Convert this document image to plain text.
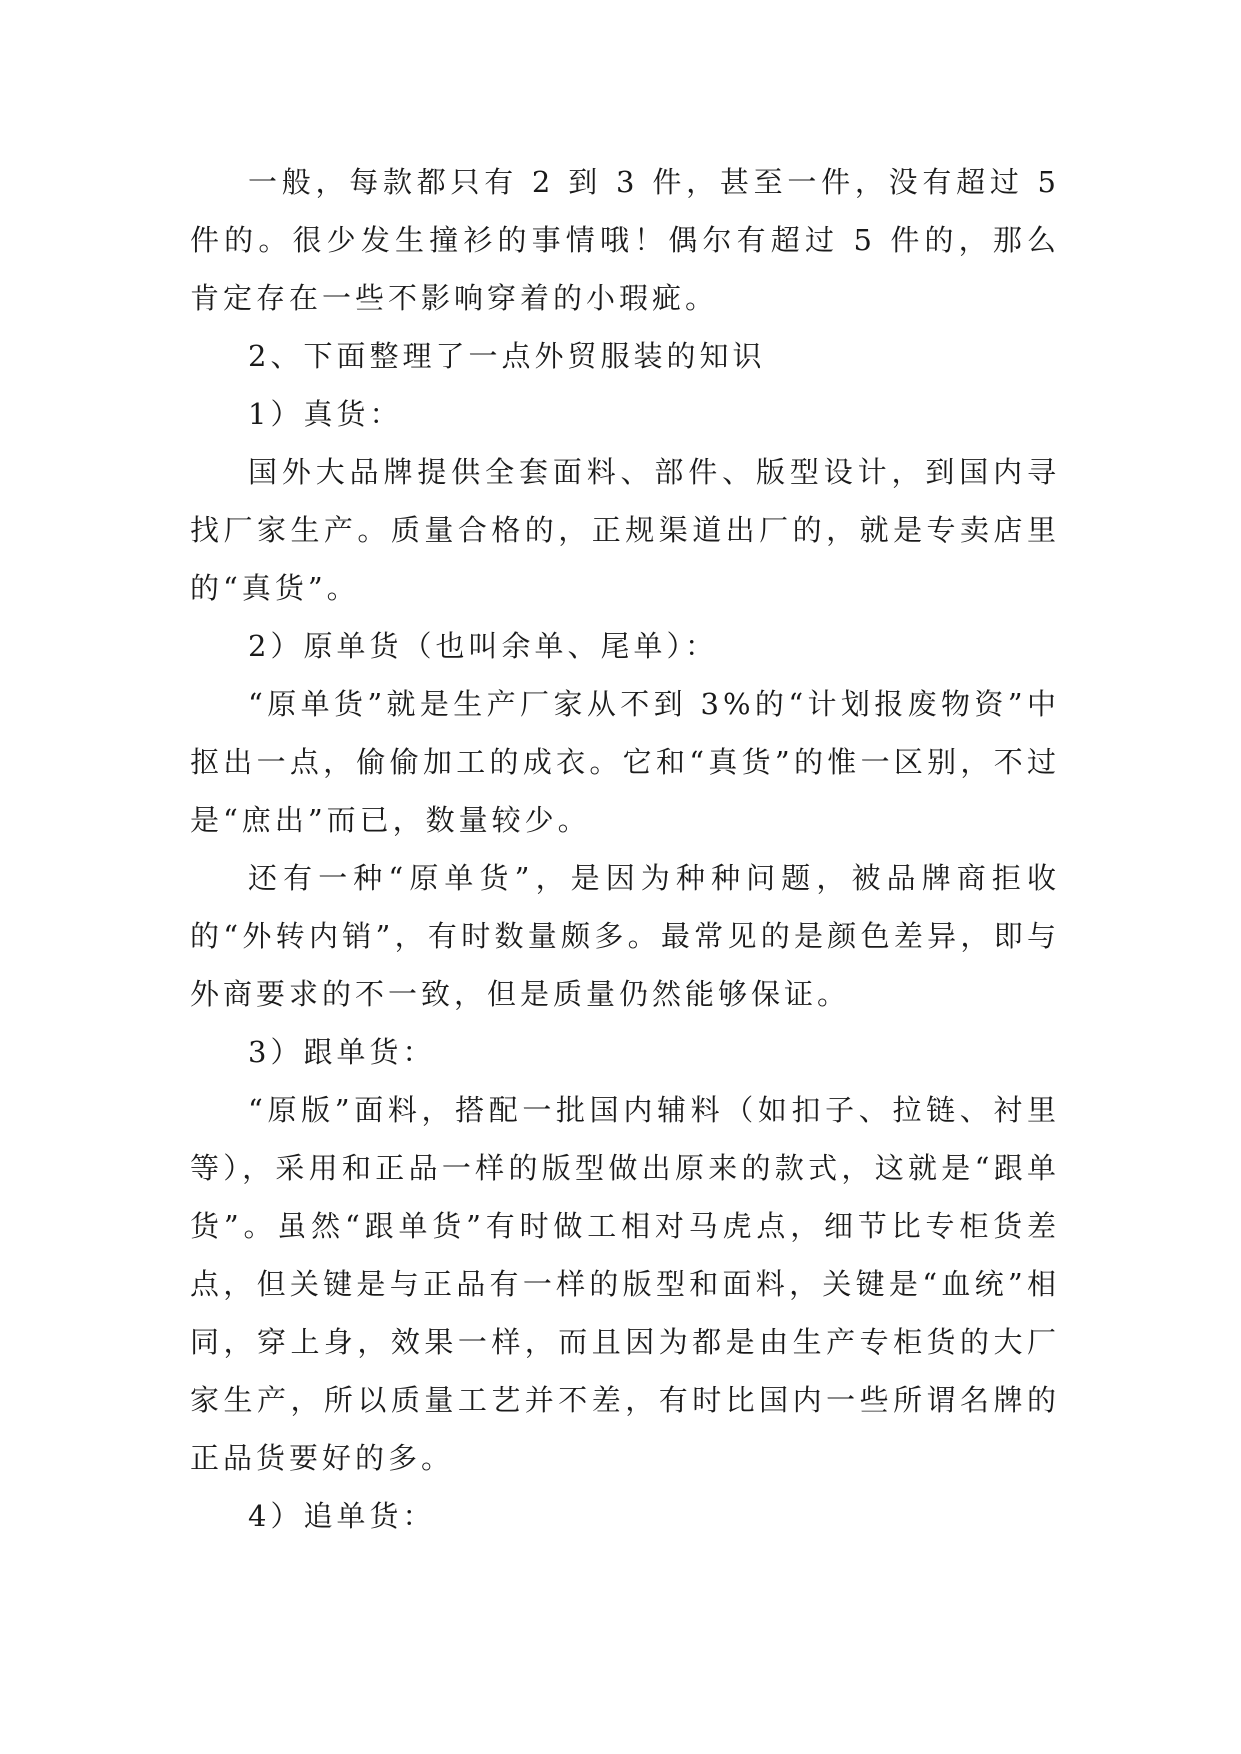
一般，每款都只有 2 到 3 件，甚至一件，没有超过 5 件的。很少发生撞衫的事情哦！偶尔有超过 5 件的，那么肯定存在一些不影响穿着的小瑕疵。

2、下面整理了一点外贸服装的知识

1）真货：

国外大品牌提供全套面料、部件、版型设计，到国内寻找厂家生产。质量合格的，正规渠道出厂的，就是专卖店里的“真货”。

2）原单货（也叫余单、尾单）：

“原单货”就是生产厂家从不到 3%的“计划报废物资”中抠出一点，偷偷加工的成衣。它和“真货”的惟一区别，不过是“庶出”而已，数量较少。

还有一种“原单货”，是因为种种问题，被品牌商拒收的“外转内销”，有时数量颇多。最常见的是颜色差异，即与外商要求的不一致，但是质量仍然能够保证。

3）跟单货：

“原版”面料，搭配一批国内辅料（如扣子、拉链、衬里等），采用和正品一样的版型做出原来的款式，这就是“跟单货”。虽然“跟单货”有时做工相对马虎点，细节比专柜货差点，但关键是与正品有一样的版型和面料，关键是“血统”相同，穿上身，效果一样，而且因为都是由生产专柜货的大厂家生产，所以质量工艺并不差，有时比国内一些所谓名牌的正品货要好的多。

4）追单货：
